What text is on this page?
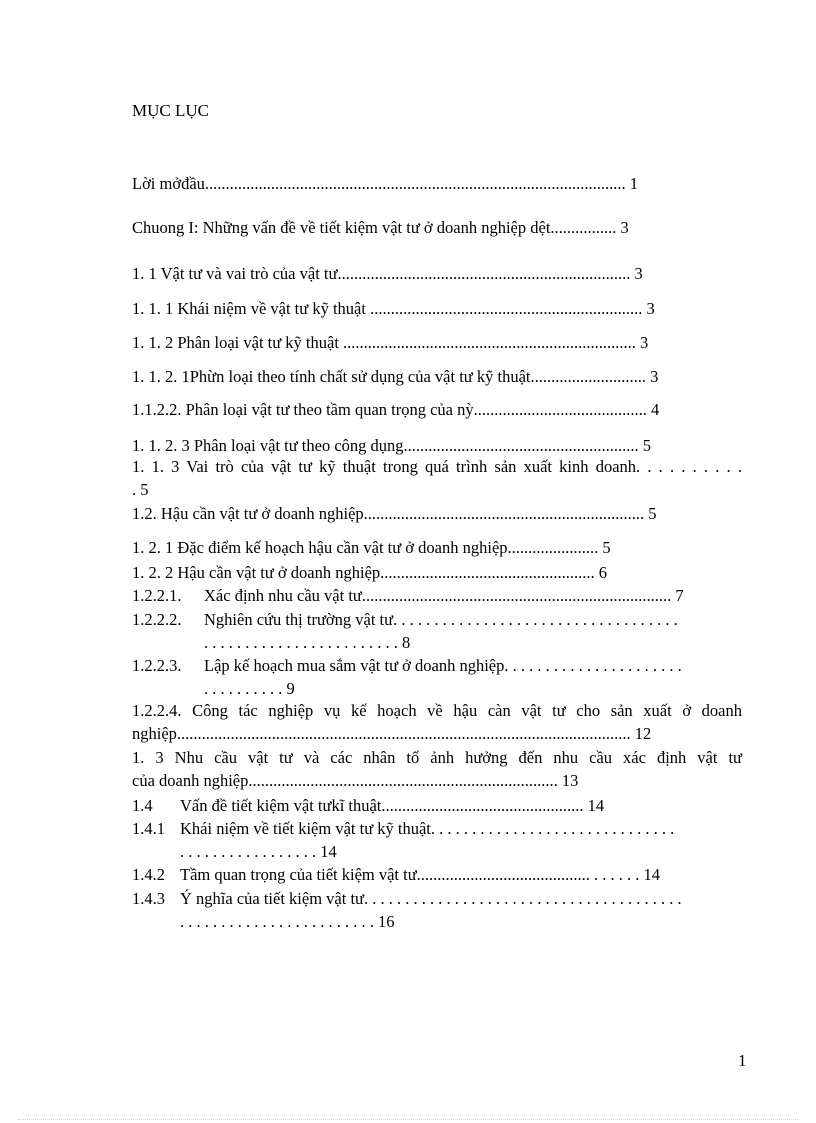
MỤC LỤC
Lời mởđầu...................................................................................................... 1
Chuong I: Những vấn đề về tiết kiệm vật tư ở doanh nghiệp dệt................ 3
1. 1 Vật tư và vai trò của vật tư....................................................................... 3
1. 1. 1 Khái niệm về vật tư kỹ thuật .................................................................. 3
1. 1. 2 Phân loại vật tư kỹ thuật ....................................................................... 3
1. 1. 2. 1Phừn loại theo tính chất sử dụng của vật tư kỹ thuật............................ 3
1.1.2.2. Phân loại vật tư theo tầm quan trọng của nỳ.......................................... 4
1. 1. 2. 3 Phân loại vật tư theo công dụng......................................................... 5
1. 1. 3 Vai trò của vật tư kỹ thuật trong quá trình sản xuất kinh doanh. . . . . . . . . .
. 5
1.2. Hậu cần vật tư ở doanh nghiệp.................................................................... 5
1. 2. 1 Đặc điểm kế hoạch hậu cần vật tư ở doanh nghiệp...................... 5
1. 2. 2 Hậu cần vật tư ở doanh nghiệp.................................................... 6
1.2.2.1. Xác định nhu cầu vật tư........................................................................... 7
1.2.2.2. Nghiên cứu thị trường vật tư. . . . . . . . . . . . . . . . . . . . . . . . . . . . . . . . . . .
. . . . . . . . . . . . . . . . . . . . . . . . 8
1.2.2.3. Lập kế hoạch mua sắm vật tư ở doanh nghiệp. . . . . . . . . . . . . . . . . . . . . .
. . . . . . . . . . 9
1.2.2.4. Công tác nghiệp vụ kế hoạch về hậu càn vật tư cho sản xuất ở doanh
nghiệp.............................................................................................................. 12
1. 3 Nhu cầu vật tư và các nhân tố ảnh hưởng đến nhu cầu xác định vật tư
của doanh nghiệp........................................................................... 13
1.4 Vấn đề tiết kiệm vật tưkĩ thuật................................................. 14
1.4.1 Khái niệm về tiết kiệm vật tư kỹ thuật. . . . . . . . . . . . . . . . . . . . . . . . . . . . . .
. . . . . . . . . . . . . . . . . 14
1.4.2 Tầm quan trọng của tiết kiệm vật tư.......................................... . . . . . . 14
1.4.3 Ý nghĩa của tiết kiệm vật tư. . . . . . . . . . . . . . . . . . . . . . . . . . . . . . . . . . . . . . .
. . . . . . . . . . . . . . . . . . . . . . . . 16
1
